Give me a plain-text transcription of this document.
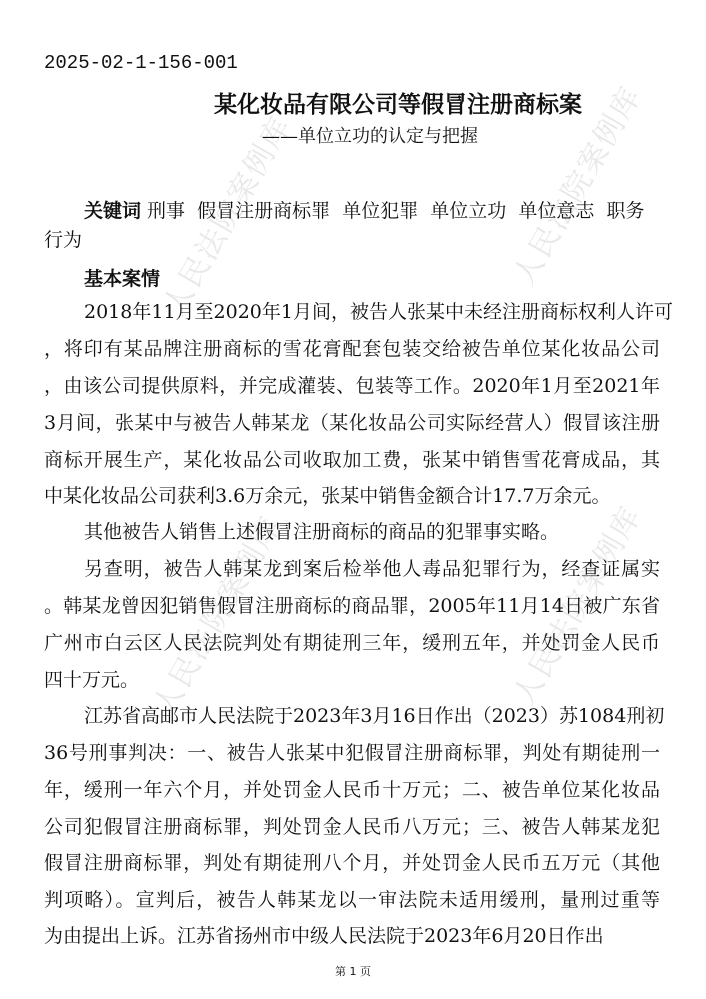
人民法院案例库	人民法院案例库
人民法院案例库	人民法院案例库
2025-02-1-156-001
某化妆品有限公司等假冒注册商标案
——单位立功的认定与把握
关键词 刑事  假冒注册商标罪  单位犯罪  单位立功  单位意志  职务
行为
基本案情
2018年11月至2020年1月间，被告人张某中未经注册商标权利人许可
，将印有某品牌注册商标的雪花膏配套包装交给被告单位某化妆品公司
，由该公司提供原料，并完成灌装、包装等工作。2020年1月至2021年
3月间，张某中与被告人韩某龙（某化妆品公司实际经营人）假冒该注册
商标开展生产，某化妆品公司收取加工费，张某中销售雪花膏成品，其
中某化妆品公司获利3.6万余元，张某中销售金额合计17.7万余元。
其他被告人销售上述假冒注册商标的商品的犯罪事实略。
另查明，被告人韩某龙到案后检举他人毒品犯罪行为，经查证属实
。韩某龙曾因犯销售假冒注册商标的商品罪，2005年11月14日被广东省
广州市白云区人民法院判处有期徒刑三年，缓刑五年，并处罚金人民币
四十万元。
江苏省高邮市人民法院于2023年3月16日作出（2023）苏1084刑初
36号刑事判决：一、被告人张某中犯假冒注册商标罪，判处有期徒刑一
年，缓刑一年六个月，并处罚金人民币十万元；二、被告单位某化妆品
公司犯假冒注册商标罪，判处罚金人民币八万元；三、被告人韩某龙犯
假冒注册商标罪，判处有期徒刑八个月，并处罚金人民币五万元（其他
判项略）。宣判后，被告人韩某龙以一审法院未适用缓刑，量刑过重等
为由提出上诉。江苏省扬州市中级人民法院于2023年6月20日作出
第 1 页
